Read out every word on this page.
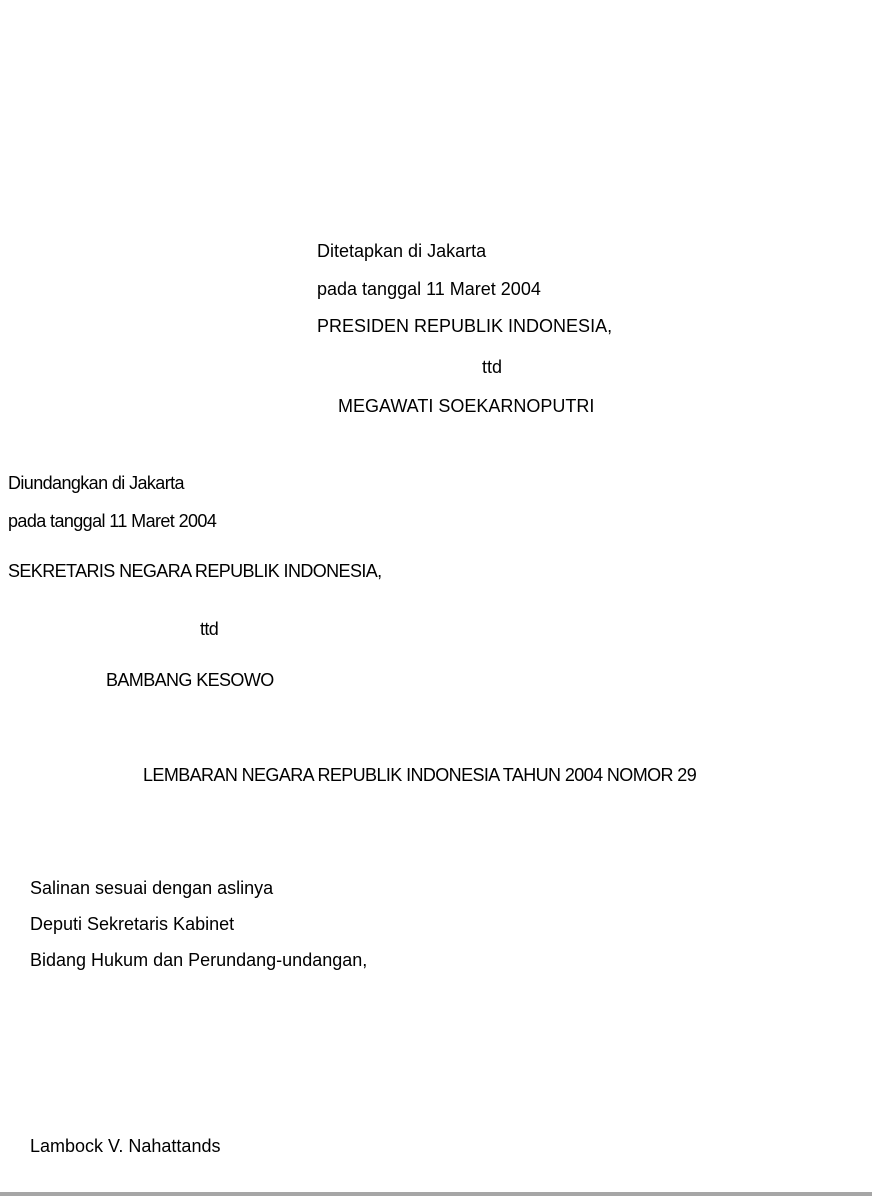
Ditetapkan di Jakarta
pada tanggal 11 Maret 2004
PRESIDEN REPUBLIK INDONESIA,
ttd
MEGAWATI SOEKARNOPUTRI
Diundangkan di Jakarta
pada tanggal 11 Maret 2004
SEKRETARIS NEGARA REPUBLIK INDONESIA,
ttd
BAMBANG KESOWO
LEMBARAN NEGARA REPUBLIK INDONESIA TAHUN 2004 NOMOR 29
Salinan sesuai dengan aslinya
Deputi Sekretaris Kabinet
Bidang Hukum dan Perundang-undangan,
Lambock V. Nahattands
